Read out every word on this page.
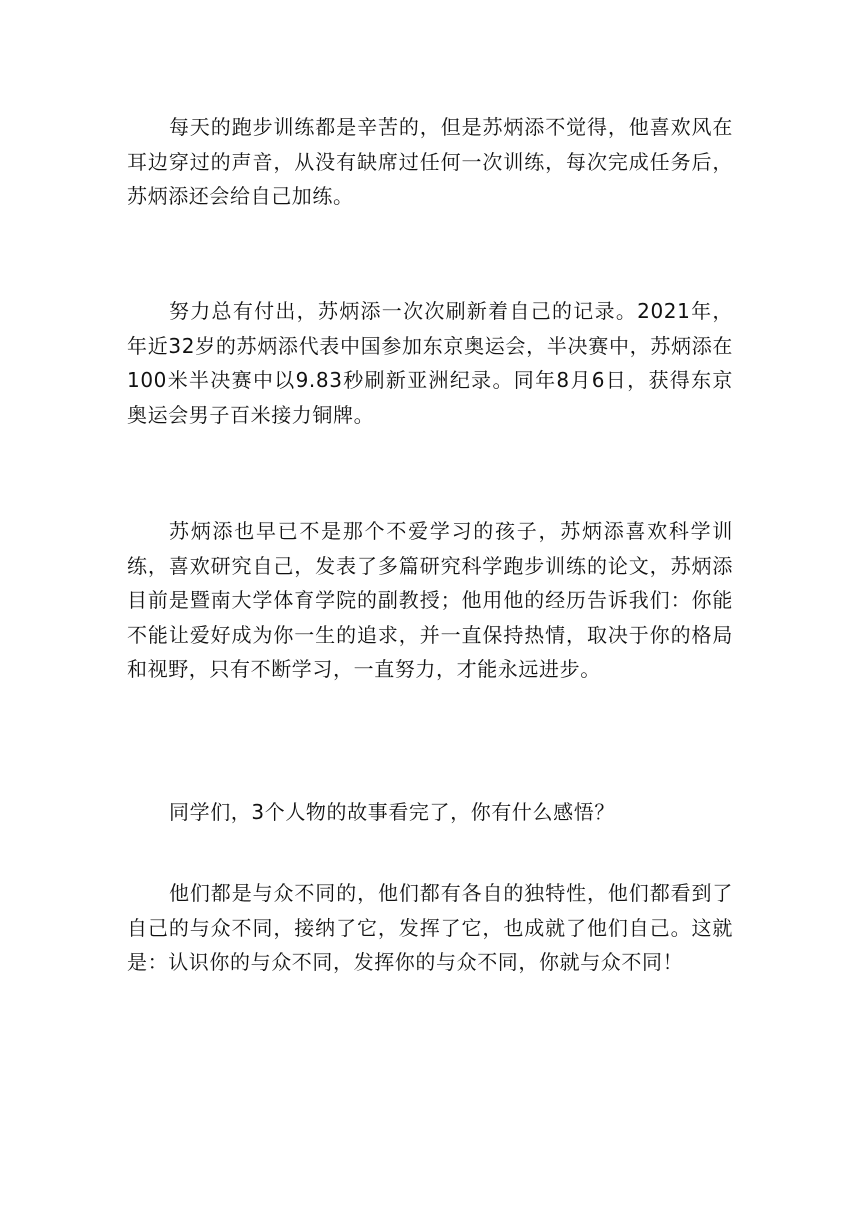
每天的跑步训练都是辛苦的，但是苏炳添不觉得，他喜欢风在耳边穿过的声音，从没有缺席过任何一次训练，每次完成任务后，苏炳添还会给自己加练。

努力总有付出，苏炳添一次次刷新着自己的记录。2021年，年近32岁的苏炳添代表中国参加东京奥运会，半决赛中，苏炳添在100米半决赛中以9.83秒刷新亚洲纪录。同年8月6日，获得东京奥运会男子百米接力铜牌。

苏炳添也早已不是那个不爱学习的孩子，苏炳添喜欢科学训练，喜欢研究自己，发表了多篇研究科学跑步训练的论文，苏炳添目前是暨南大学体育学院的副教授；他用他的经历告诉我们：你能不能让爱好成为你一生的追求，并一直保持热情，取决于你的格局和视野，只有不断学习，一直努力，才能永远进步。

同学们，3个人物的故事看完了，你有什么感悟？

他们都是与众不同的，他们都有各自的独特性，他们都看到了自己的与众不同，接纳了它，发挥了它，也成就了他们自己。这就是：认识你的与众不同，发挥你的与众不同，你就与众不同！
